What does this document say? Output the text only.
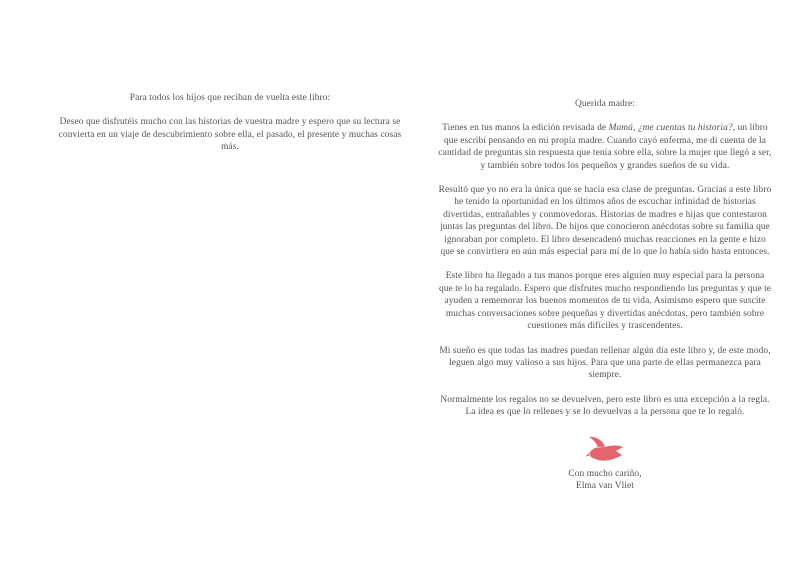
Para todos los hijos que reciban de vuelta este libro:

Deseo que disfrutéis mucho con las historias de vuestra madre y espero que su lectura se convierta en un viaje de descubrimiento sobre ella, el pasado, el presente y muchas cosas más.

Querida madre:

Tienes en tus manos la edición revisada de Mamá, ¿me cuentas tu historia?, un libro que escribí pensando en mi propia madre. Cuando cayó enferma, me di cuenta de la cantidad de preguntas sin respuesta que tenía sobre ella, sobre la mujer que llegó a ser, y también sobre todos los pequeños y grandes sueños de su vida.

Resultó que yo no era la única que se hacía esa clase de preguntas. Gracias a este libro he tenido la oportunidad en los últimos años de escuchar infinidad de historias divertidas, entrañables y conmovedoras. Historias de madres e hijas que contestaron juntas las preguntas del libro. De hijos que conocieron anécdotas sobre su familia que ignoraban por completo. El libro desencadenó muchas reacciones en la gente e hizo que se convirtiera en aún más especial para mí de lo que lo había sido hasta entonces.

Este libro ha llegado a tus manos porque eres alguien muy especial para la persona que te lo ha regalado. Espero que disfrutes mucho respondiendo las preguntas y que te ayuden a rememorar los buenos momentos de tu vida. Asimismo espero que suscite muchas conversaciones sobre pequeñas y divertidas anécdotas, pero también sobre cuestiones más difíciles y trascendentes.

Mi sueño es que todas las madres puedan rellenar algún día este libro y, de este modo, leguen algo muy valioso a sus hijos. Para que una parte de ellas permanezca para siempre.

Normalmente los regalos no se devuelven, pero este libro es una excepción a la regla. La idea es que lo rellenes y se lo devuelvas a la persona que te lo regaló.

Con mucho cariño,

Elma van Vliet
